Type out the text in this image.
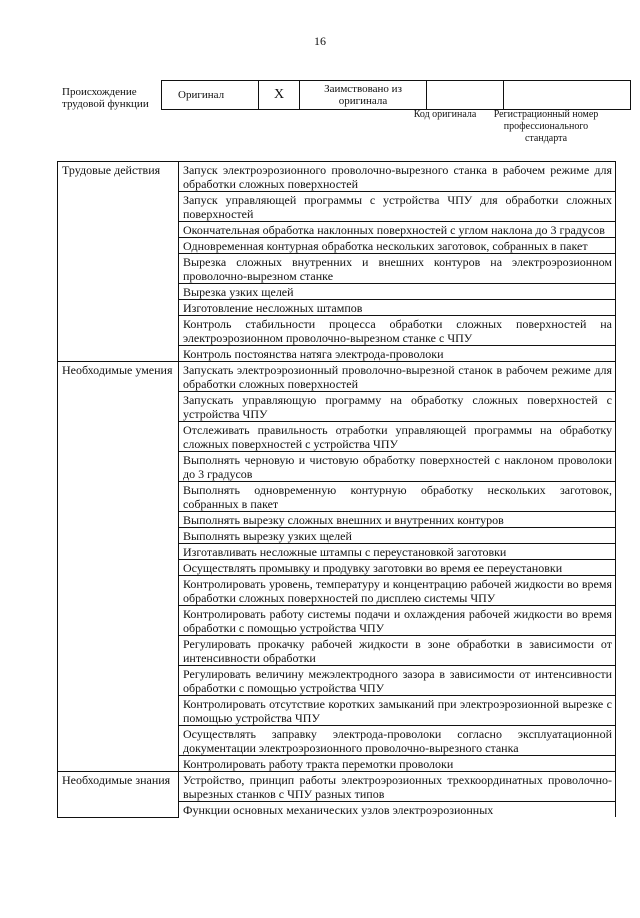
16
Происхождение трудовой функции
Оригинал	X	Заимствовано из оригинала		
Код оригинала	Регистрационный номер профессионального стандарта
Трудовые действия	Запуск электроэрозионного проволочно-вырезного станка в рабочем режиме для обработки сложных поверхностей
	Запуск управляющей программы с устройства ЧПУ для обработки сложных поверхностей
	Окончательная обработка наклонных поверхностей с углом наклона до 3 градусов
	Одновременная контурная обработка нескольких заготовок, собранных в пакет
	Вырезка сложных внутренних и внешних контуров на электроэрозионном проволочно-вырезном станке
	Вырезка узких щелей
	Изготовление несложных штампов
	Контроль стабильности процесса обработки сложных поверхностей на электроэрозионном проволочно-вырезном станке с ЧПУ
	Контроль постоянства натяга электрода-проволоки
Необходимые умения	Запускать электроэрозионный проволочно-вырезной станок в рабочем режиме для обработки сложных поверхностей
	Запускать управляющую программу на обработку сложных поверхностей с устройства ЧПУ
	Отслеживать правильность отработки управляющей программы на обработку сложных поверхностей с устройства ЧПУ
	Выполнять черновую и чистовую обработку поверхностей с наклоном проволоки до 3 градусов
	Выполнять одновременную контурную обработку нескольких заготовок, собранных в пакет
	Выполнять вырезку сложных внешних и внутренних контуров
	Выполнять вырезку узких щелей
	Изготавливать несложные штампы с переустановкой заготовки
	Осуществлять промывку и продувку заготовки во время ее переустановки
	Контролировать уровень, температуру и концентрацию рабочей жидкости во время обработки сложных поверхностей по дисплею системы ЧПУ
	Контролировать работу системы подачи и охлаждения рабочей жидкости во время обработки с помощью устройства ЧПУ
	Регулировать прокачку рабочей жидкости в зоне обработки в зависимости от интенсивности обработки
	Регулировать величину межэлектродного зазора в зависимости от интенсивности обработки с помощью устройства ЧПУ
	Контролировать отсутствие коротких замыканий при электроэрозионной вырезке с помощью устройства ЧПУ
	Осуществлять заправку электрода-проволоки согласно эксплуатационной документации электроэрозионного проволочно-вырезного станка
	Контролировать работу тракта перемотки проволоки
Необходимые знания	Устройство, принцип работы электроэрозионных трехкоординатных проволочно-вырезных станков с ЧПУ разных типов
	Функции основных механических узлов электроэрозионных
